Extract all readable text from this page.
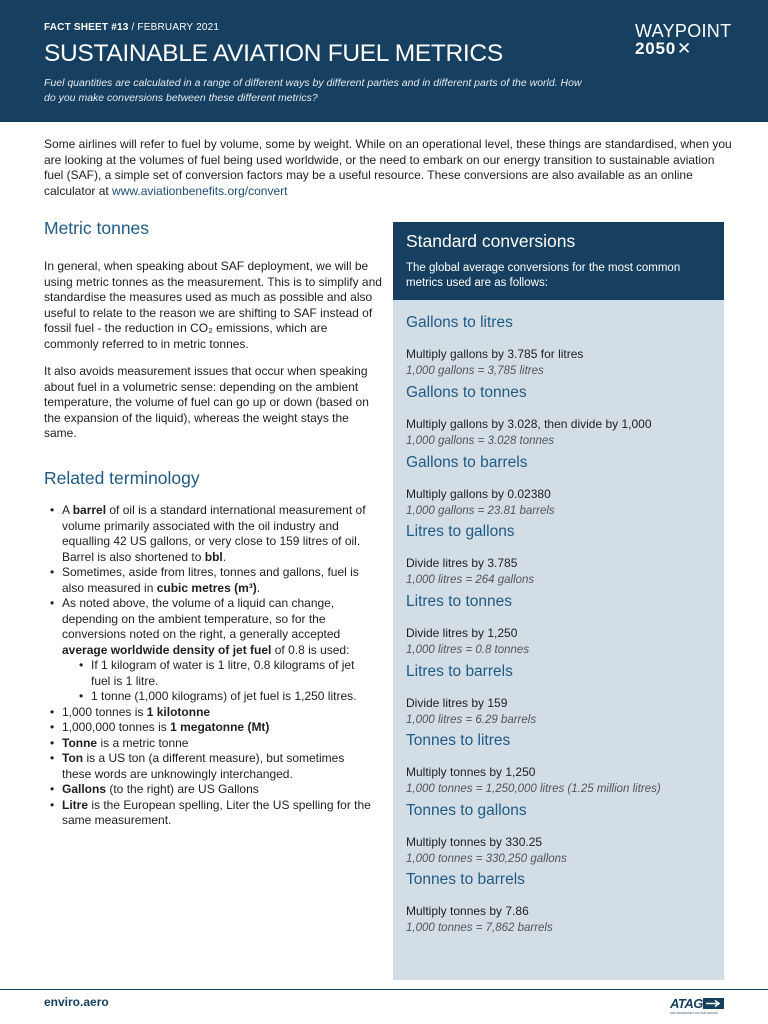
FACT SHEET #13 / FEBRUARY 2021
SUSTAINABLE AVIATION FUEL METRICS
Fuel quantities are calculated in a range of different ways by different parties and in different parts of the world. How do you make conversions between these different metrics?
WAYPOINT
2050✕
Some airlines will refer to fuel by volume, some by weight. While on an operational level, these things are standardised, when you are looking at the volumes of fuel being used worldwide, or the need to embark on our energy transition to sustainable aviation fuel (SAF), a simple set of conversion factors may be a useful resource. These conversions are also available as an online calculator at www.aviationbenefits.org/convert
Metric tonnes
In general, when speaking about SAF deployment, we will be using metric tonnes as the measurement. This is to simplify and standardise the measures used as much as possible and also useful to relate to the reason we are shifting to SAF instead of fossil fuel - the reduction in CO₂ emissions, which are commonly referred to in metric tonnes.
It also avoids measurement issues that occur when speaking about fuel in a volumetric sense: depending on the ambient temperature, the volume of fuel can go up or down (based on the expansion of the liquid), whereas the weight stays the same.
Related terminology
• A barrel of oil is a standard international measurement of volume primarily associated with the oil industry and equalling 42 US gallons, or very close to 159 litres of oil. Barrel is also shortened to bbl.
• Sometimes, aside from litres, tonnes and gallons, fuel is also measured in cubic metres (m³).
• As noted above, the volume of a liquid can change, depending on the ambient temperature, so for the conversions noted on the right, a generally accepted average worldwide density of jet fuel of 0.8 is used:
• If 1 kilogram of water is 1 litre, 0.8 kilograms of jet fuel is 1 litre.
• 1 tonne (1,000 kilograms) of jet fuel is 1,250 litres.
• 1,000 tonnes is 1 kilotonne
• 1,000,000 tonnes is 1 megatonne (Mt)
• Tonne is a metric tonne
• Ton is a US ton (a different measure), but sometimes these words are unknowingly interchanged.
• Gallons (to the right) are US Gallons
• Litre is the European spelling, Liter the US spelling for the same measurement.
Standard conversions
The global average conversions for the most common metrics used are as follows:
Gallons to litres
Multiply gallons by 3.785 for litres
1,000 gallons = 3,785 litres
Gallons to tonnes
Multiply gallons by 3.028, then divide by 1,000
1,000 gallons = 3.028 tonnes
Gallons to barrels
Multiply gallons by 0.02380
1,000 gallons = 23.81 barrels
Litres to gallons
Divide litres by 3.785
1,000 litres = 264 gallons
Litres to tonnes
Divide litres by 1,250
1,000 litres = 0.8 tonnes
Litres to barrels
Divide litres by 159
1,000 litres = 6.29 barrels
Tonnes to litres
Multiply tonnes by 1,250
1,000 tonnes = 1,250,000 litres (1.25 million litres)
Tonnes to gallons
Multiply tonnes by 330.25
1,000 tonnes = 330,250 gallons
Tonnes to barrels
Multiply tonnes by 7.86
1,000 tonnes = 7,862 barrels
enviro.aero	ATAG
AIR TRANSPORT ACTION GROUP
